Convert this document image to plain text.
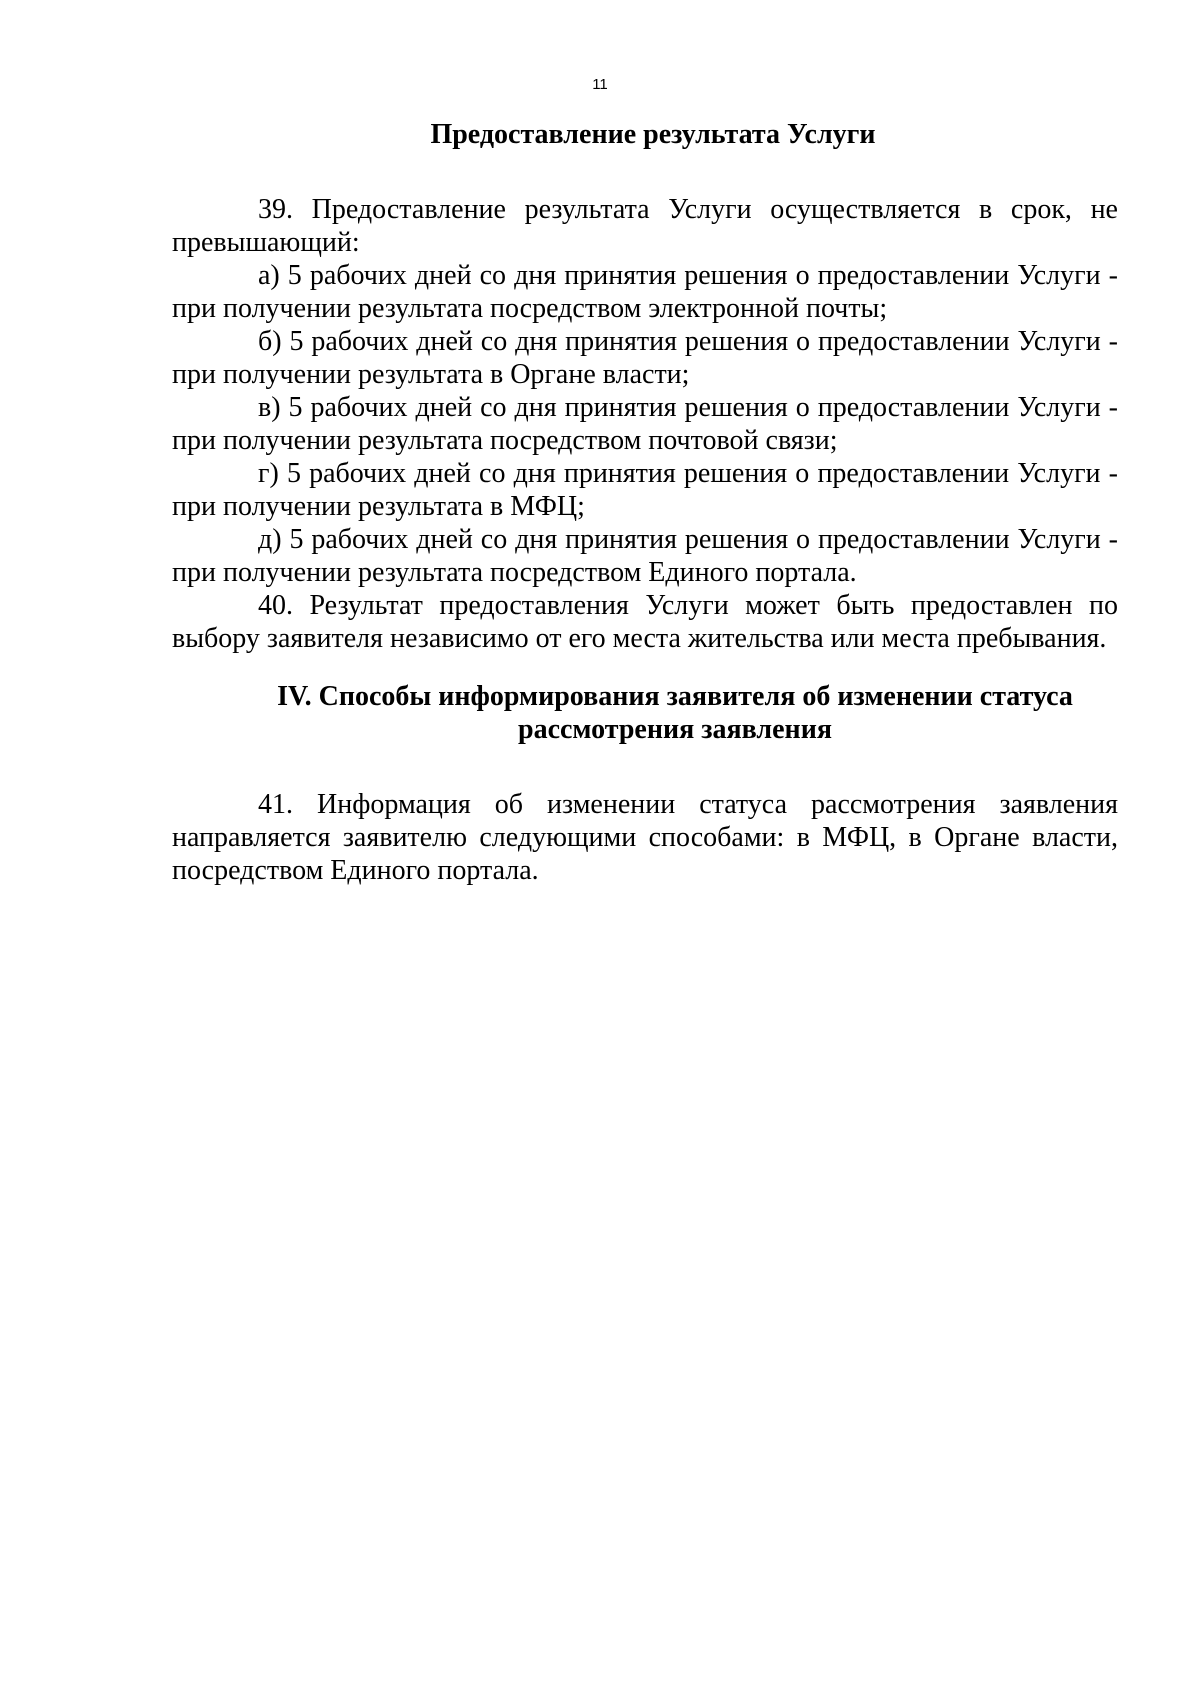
11
Предоставление результата Услуги

39. Предоставление результата Услуги осуществляется в срок, не превышающий:

а) 5 рабочих дней со дня принятия решения о предоставлении Услуги - при получении результата посредством электронной почты;

б) 5 рабочих дней со дня принятия решения о предоставлении Услуги - при получении результата в Органе власти;

в) 5 рабочих дней со дня принятия решения о предоставлении Услуги - при получении результата посредством почтовой связи;

г) 5 рабочих дней со дня принятия решения о предоставлении Услуги - при получении результата в МФЦ;

д) 5 рабочих дней со дня принятия решения о предоставлении Услуги - при получении результата посредством Единого портала.

40. Результат предоставления Услуги может быть предоставлен по выбору заявителя независимо от его места жительства или места пребывания.

IV. Способы информирования заявителя об изменении статуса
рассмотрения заявления

41. Информация об изменении статуса рассмотрения заявления направляется заявителю следующими способами: в МФЦ, в Органе власти, посредством Единого портала.
